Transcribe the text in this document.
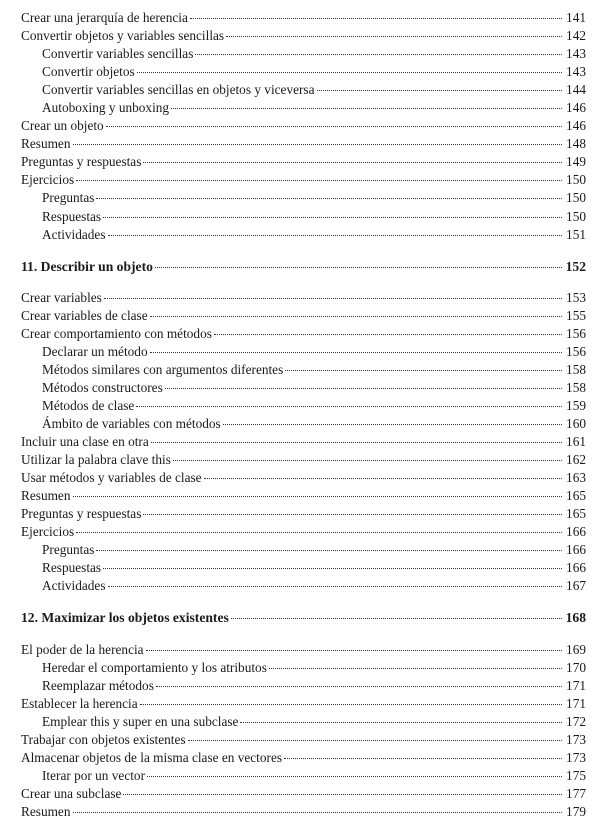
Crear una jerarquía de herencia	141
Convertir objetos y variables sencillas	142
Convertir variables sencillas	143
Convertir objetos	143
Convertir variables sencillas en objetos y viceversa	144
Autoboxing y unboxing	146
Crear un objeto	146
Resumen	148
Preguntas y respuestas	149
Ejercicios	150
Preguntas	150
Respuestas	150
Actividades	151
11. Describir un objeto	152
Crear variables	153
Crear variables de clase	155
Crear comportamiento con métodos	156
Declarar un método	156
Métodos similares con argumentos diferentes	158
Métodos constructores	158
Métodos de clase	159
Ámbito de variables con métodos	160
Incluir una clase en otra	161
Utilizar la palabra clave this	162
Usar métodos y variables de clase	163
Resumen	165
Preguntas y respuestas	165
Ejercicios	166
Preguntas	166
Respuestas	166
Actividades	167
12. Maximizar los objetos existentes	168
El poder de la herencia	169
Heredar el comportamiento y los atributos	170
Reemplazar métodos	171
Establecer la herencia	171
Emplear this y super en una subclase	172
Trabajar con objetos existentes	173
Almacenar objetos de la misma clase en vectores	173
Iterar por un vector	175
Crear una subclase	177
Resumen	179
